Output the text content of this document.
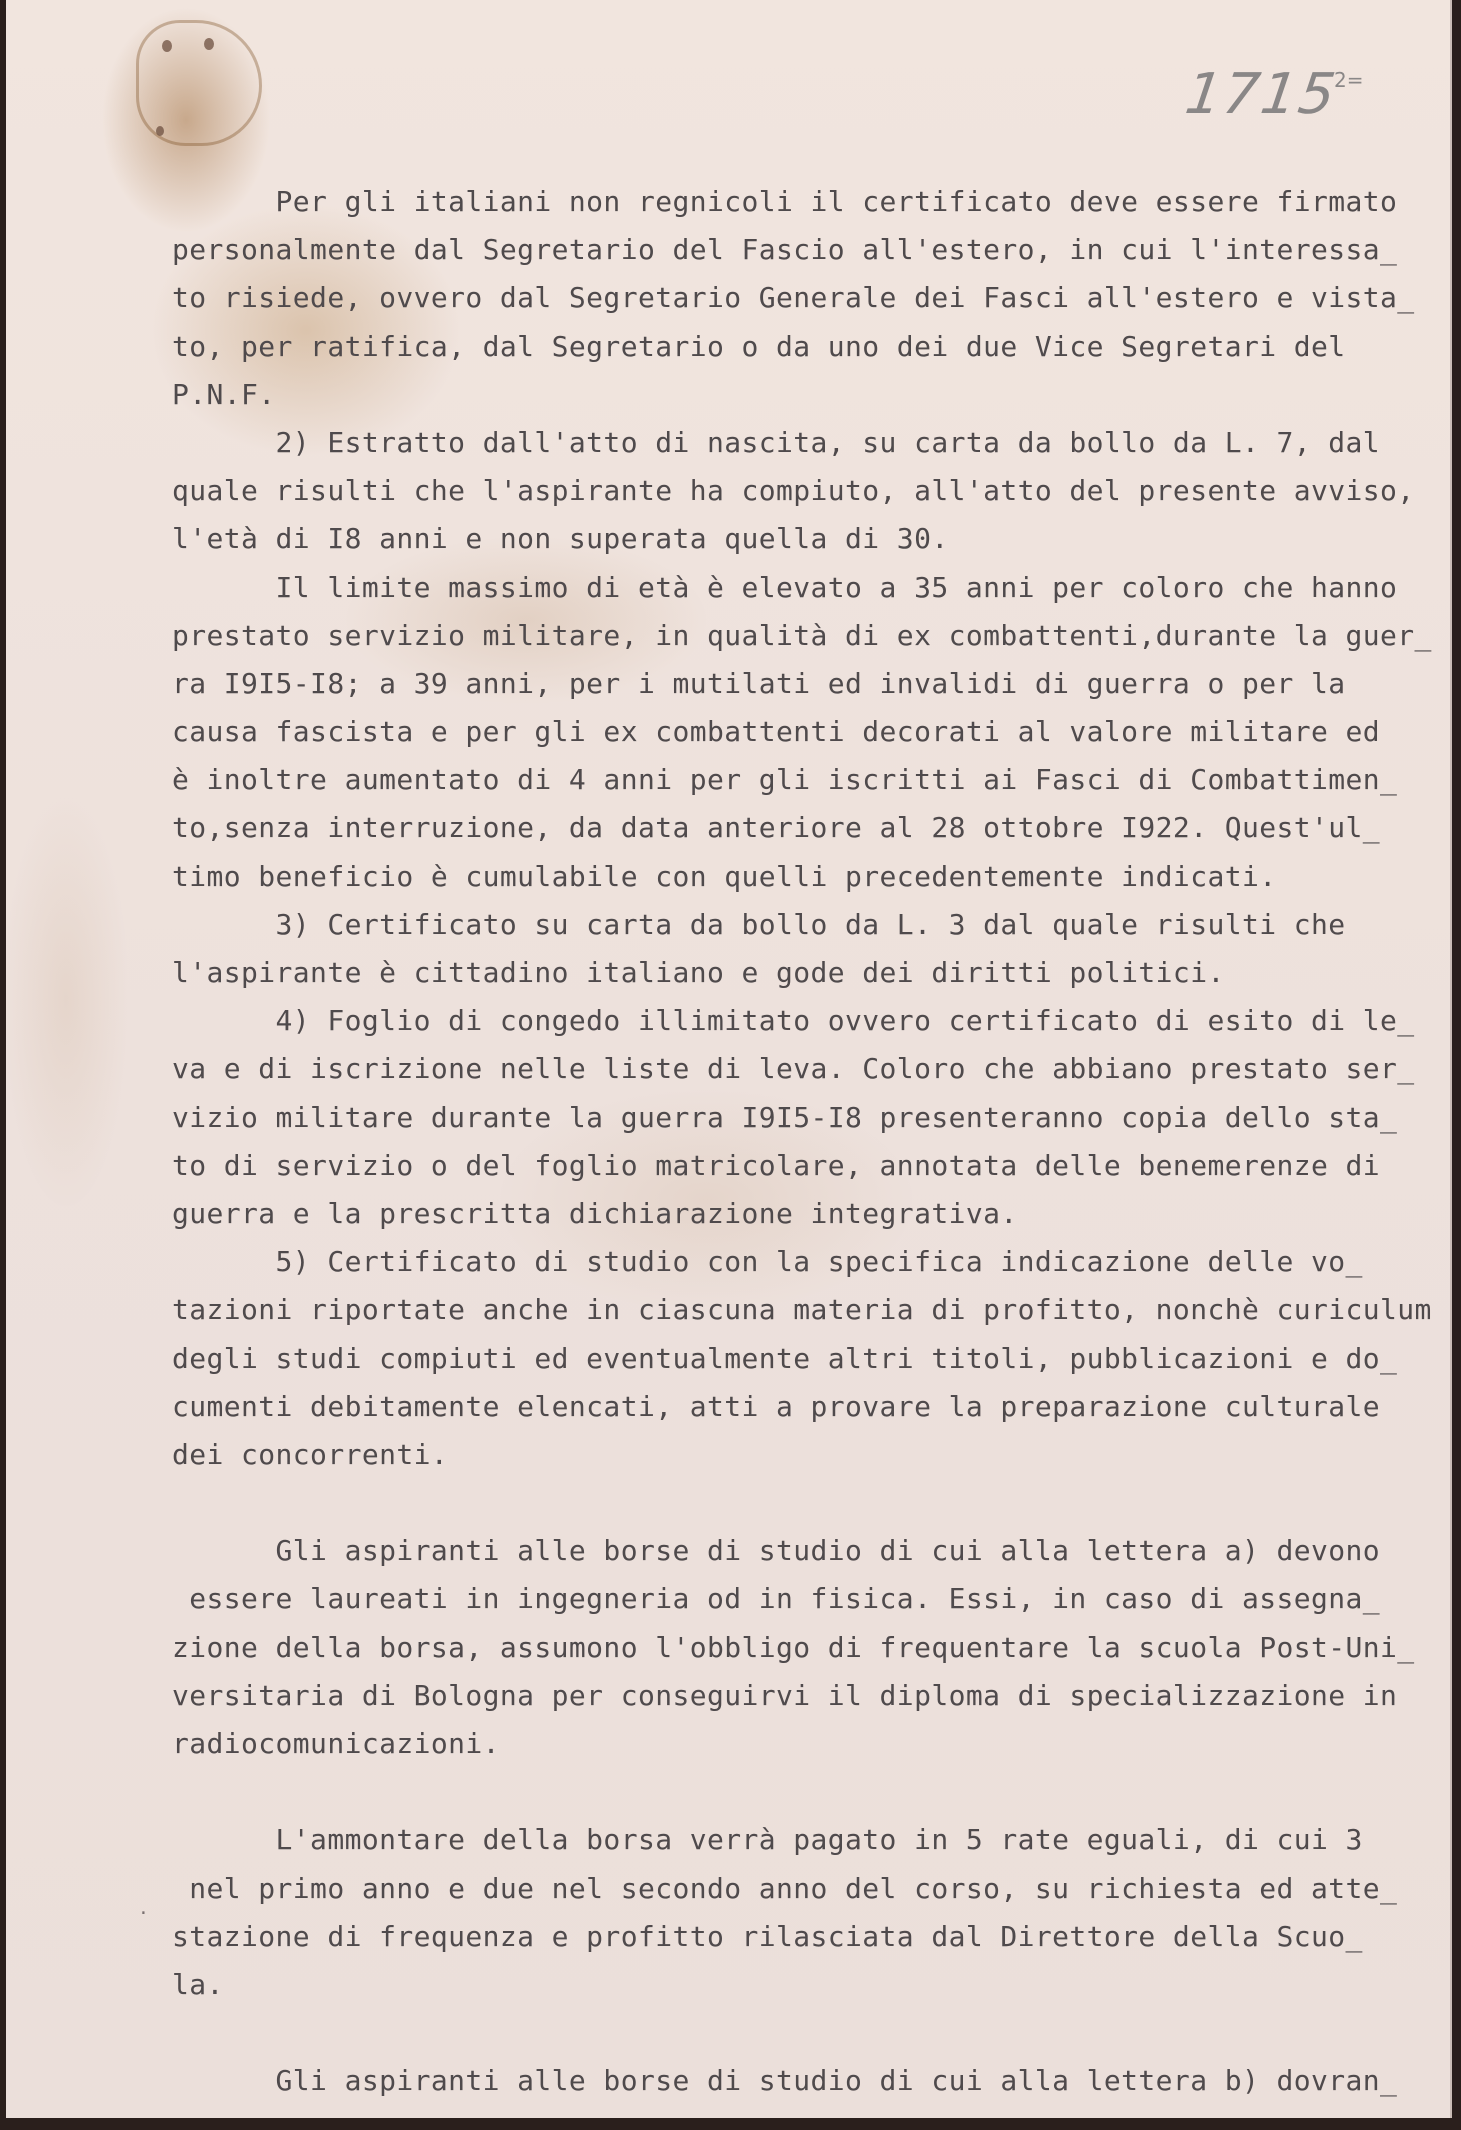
1715
2=
Per gli italiani non regnicoli il certificato deve essere firmato
personalmente dal Segretario del Fascio all'estero, in cui l'interessa_
to risiede, ovvero dal Segretario Generale dei Fasci all'estero e vista_
to, per ratifica, dal Segretario o da uno dei due Vice Segretari del
P.N.F.
2) Estratto dall'atto di nascita, su carta da bollo da L. 7, dal
quale risulti che l'aspirante ha compiuto, all'atto del presente avviso,
l'età di I8 anni e non superata quella di 30.
Il limite massimo di età è elevato a 35 anni per coloro che hanno
prestato servizio militare, in qualità di ex combattenti,durante la guer_
ra I9I5-I8; a 39 anni, per i mutilati ed invalidi di guerra o per la
causa fascista e per gli ex combattenti decorati al valore militare ed
è inoltre aumentato di 4 anni per gli iscritti ai Fasci di Combattimen_
to,senza interruzione, da data anteriore al 28 ottobre I922. Quest'ul_
timo beneficio è cumulabile con quelli precedentemente indicati.
3) Certificato su carta da bollo da L. 3 dal quale risulti che
l'aspirante è cittadino italiano e gode dei diritti politici.
4) Foglio di congedo illimitato ovvero certificato di esito di le_
va e di iscrizione nelle liste di leva. Coloro che abbiano prestato ser_
vizio militare durante la guerra I9I5-I8 presenteranno copia dello sta_
to di servizio o del foglio matricolare, annotata delle benemerenze di
guerra e la prescritta dichiarazione integrativa.
5) Certificato di studio con la specifica indicazione delle vo_
tazioni riportate anche in ciascuna materia di profitto, nonchè curiculum
degli studi compiuti ed eventualmente altri titoli, pubblicazioni e do_
cumenti debitamente elencati, atti a provare la preparazione culturale
dei concorrenti.
Gli aspiranti alle borse di studio di cui alla lettera a) devono
essere laureati in ingegneria od in fisica. Essi, in caso di assegna_
zione della borsa, assumono l'obbligo di frequentare la scuola Post-Uni_
versitaria di Bologna per conseguirvi il diploma di specializzazione in
radiocomunicazioni.
L'ammontare della borsa verrà pagato in 5 rate eguali, di cui 3
nel primo anno e due nel secondo anno del corso, su richiesta ed atte_
stazione di frequenza e profitto rilasciata dal Direttore della Scuo_
la.
Gli aspiranti alle borse di studio di cui alla lettera b) dovran_
·
